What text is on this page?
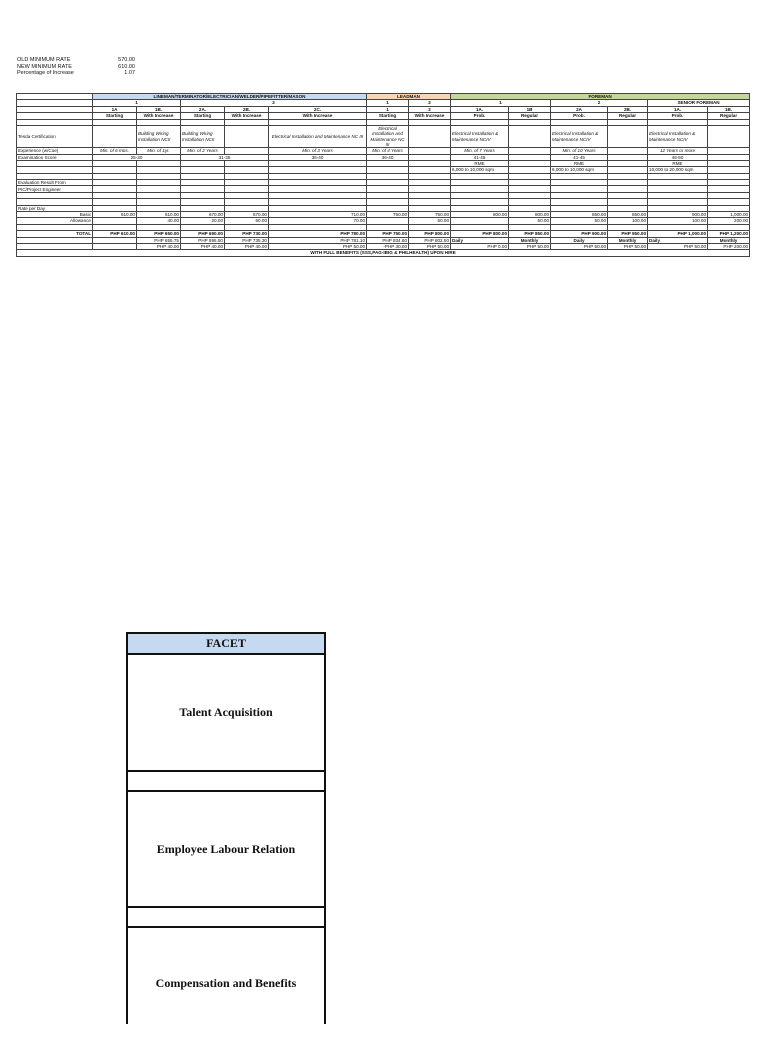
OLD MINIMUM RATE	570.00
NEW MINIMUM RATE	610.00
Percentage of Increase	1.07
	LINEMAN/TERMINATOR/ELECTRICIAN/WELDER/PIPEFITTER/MASON					LEADMAN		FOREMAN					
	1		2			1	2	1		2		SENIOR FOREMAN	
	1A	1B.	2A.	2B.	2C.	1	2	1A.	1B	2A	2B.	1A.	1B.
	Starting	With Increase	Starting	With Increase	With Increase	Starting	With Increase	Prob.	Regular	Prob.	Regular	Prob.	Regular

Tesda Certification		Building Wiring Installation NCII	Building Wiring Installation NCII		Electrical Installation and Maintenance NC III	Electrical Installation and Maintenance NC III		Electrical Installation & Maintenance NCIV		Electrical Installation & Maintenance NCIV		Electrical Installation & Maintenance NCIV	
Experience (w/Coe)	Min. of 6 mos.	Min. of 1yr.	Min. of 2 Years		Min. of 3 Years	Min. of 4 Years		Min. of 7 Years		Min. of 10 Years		12 Years or more	
Examination Score	25-30		31-35		36-40	36-40		41-45		41-45		46-50	
								RME		RME		RME	
								6,000 to 10,000 sqm		6,000 to 10,000 sqm		10,000 to 20,000 sqm	

Evaluation Result From													
PIC/Project Engineer													

Rate per Day													
Basic	610.00	610.00	670.00	670.00	710.00	750.00	750.00	800.00	800.00	850.00	850.00	900.00	1,000.00
Allowance		40.00	20.00	60.00	70.00		50.00		50.00	50.00	100.00	100.00	200.00

TOTAL	PHP 610.00	PHP 650.00	PHP 690.00	PHP 730.00	PHP 780.00	PHP 750.00	PHP 800.00	PHP 800.00	PHP 850.00	PHP 900.00	PHP 950.00	PHP 1,000.00	PHP 1,200.00
		PHP 655.75	PHP 695.50	PHP 735.30	PHP 781.10	PHP 834.60	PHP 802.50	Daily	Monthly	Daily	Monthly	Daily	Monthly
		PHP 40.00	PHP 40.00	PHP 40.00	PHP 50.00	-PHP 30.00	PHP 50.00	PHP 0.00	PHP 50.00	PHP 50.00	PHP 50.00	PHP 50.00	PHP 200.00
WITH FULL BENEFITS (SSS,PAG-IBIG & PHILHEALTH) UPON HIRE													
FACET
Talent Acquisition
Employee Labour Relation
Compensation and Benefits
